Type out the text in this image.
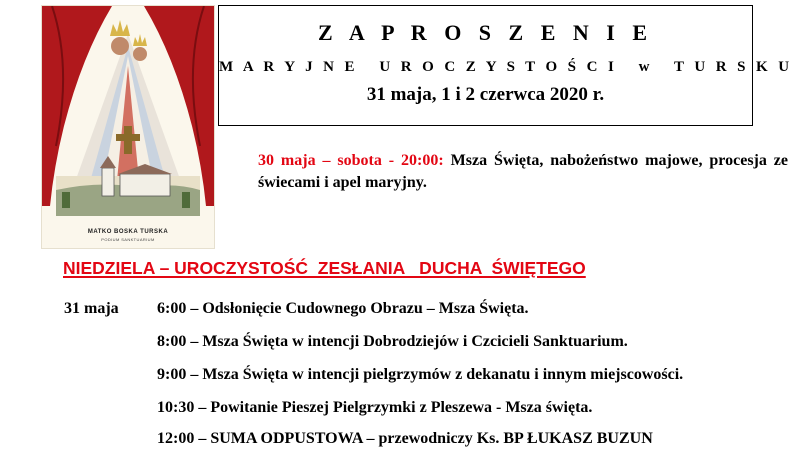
MATKO BOSKA TURSKA
PODIUM SANKTUARIUM
Z A P R O S Z E N I E
M A R Y J N E   U R O C Z Y S T O Ś C I   w   T U R S K U
31 maja, 1 i 2 czerwca 2020 r.
30 maja – sobota - 20:00: Msza Święta, nabożeństwo majowe, procesja ze świecami i apel maryjny.
NIEDZIELA – UROCZYSTOŚĆ  ZESŁANIA   DUCHA  ŚWIĘTEGO
31 maja 6:00 – Odsłonięcie Cudownego Obrazu – Msza Święta.
8:00 – Msza Święta w intencji Dobrodziejów i Czcicieli Sanktuarium.
9:00 – Msza Święta w intencji pielgrzymów z dekanatu i innym miejscowości.
10:30 – Powitanie Pieszej Pielgrzymki z Pleszewa - Msza święta.
12:00 – SUMA ODPUSTOWA – przewodniczy Ks. BP ŁUKASZ BUZUN
